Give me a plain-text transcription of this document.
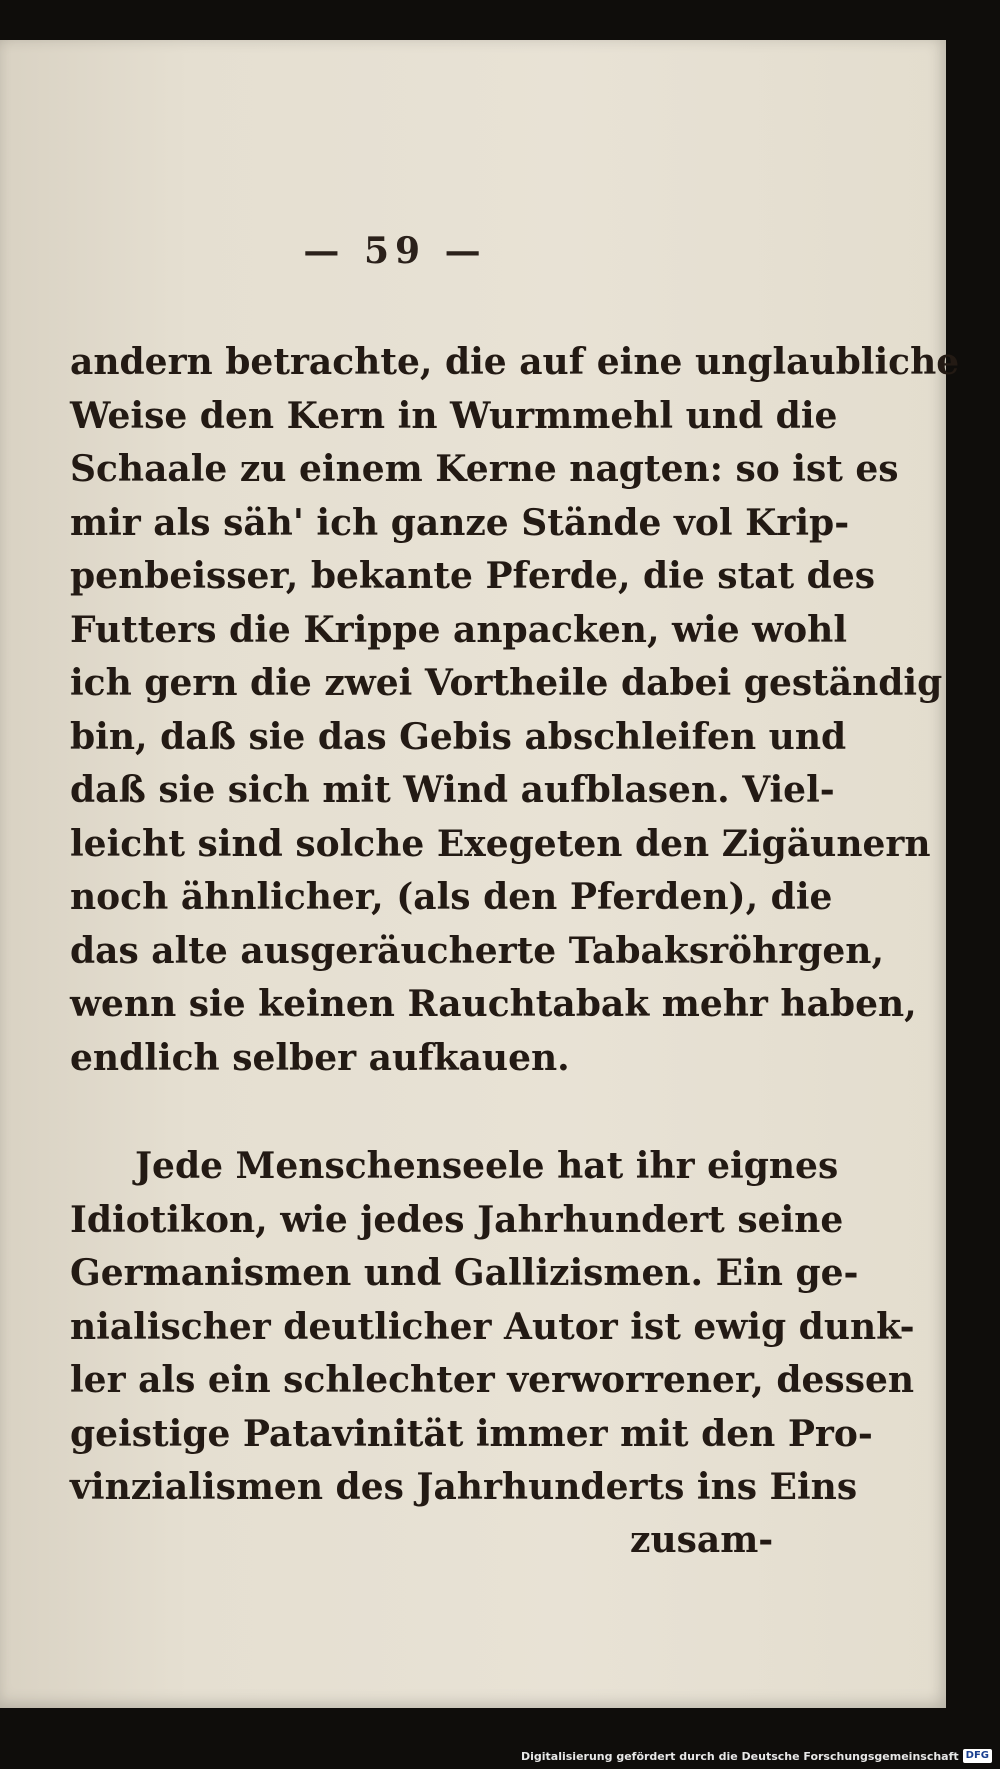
— 59 —
andern betrachte, die auf eine unglaubliche
Weise den Kern in Wurmmehl und die
Schaale zu einem Kerne nagten: so ist es
mir als säh' ich ganze Stände vol Krip-
penbeisser, bekante Pferde, die stat des
Futters die Krippe anpacken, wie wohl
ich gern die zwei Vortheile dabei geständig
bin, daß sie das Gebis abschleifen und
daß sie sich mit Wind aufblasen. Viel-
leicht sind solche Exegeten den Zigäunern
noch ähnlicher, (als den Pferden), die
das alte ausgeräucherte Tabaksröhrgen,
wenn sie keinen Rauchtabak mehr haben,
endlich selber aufkauen.
Jede Menschenseele hat ihr eignes
Idiotikon, wie jedes Jahrhundert seine
Germanismen und Gallizismen. Ein ge-
nialischer deutlicher Autor ist ewig dunk-
ler als ein schlechter verworrener, dessen
geistige Patavinität immer mit den Pro-
vinzialismen des Jahrhunderts ins Eins
zusam-
Digitalisierung gefördert durch die Deutsche Forschungsgemeinschaft DFG
